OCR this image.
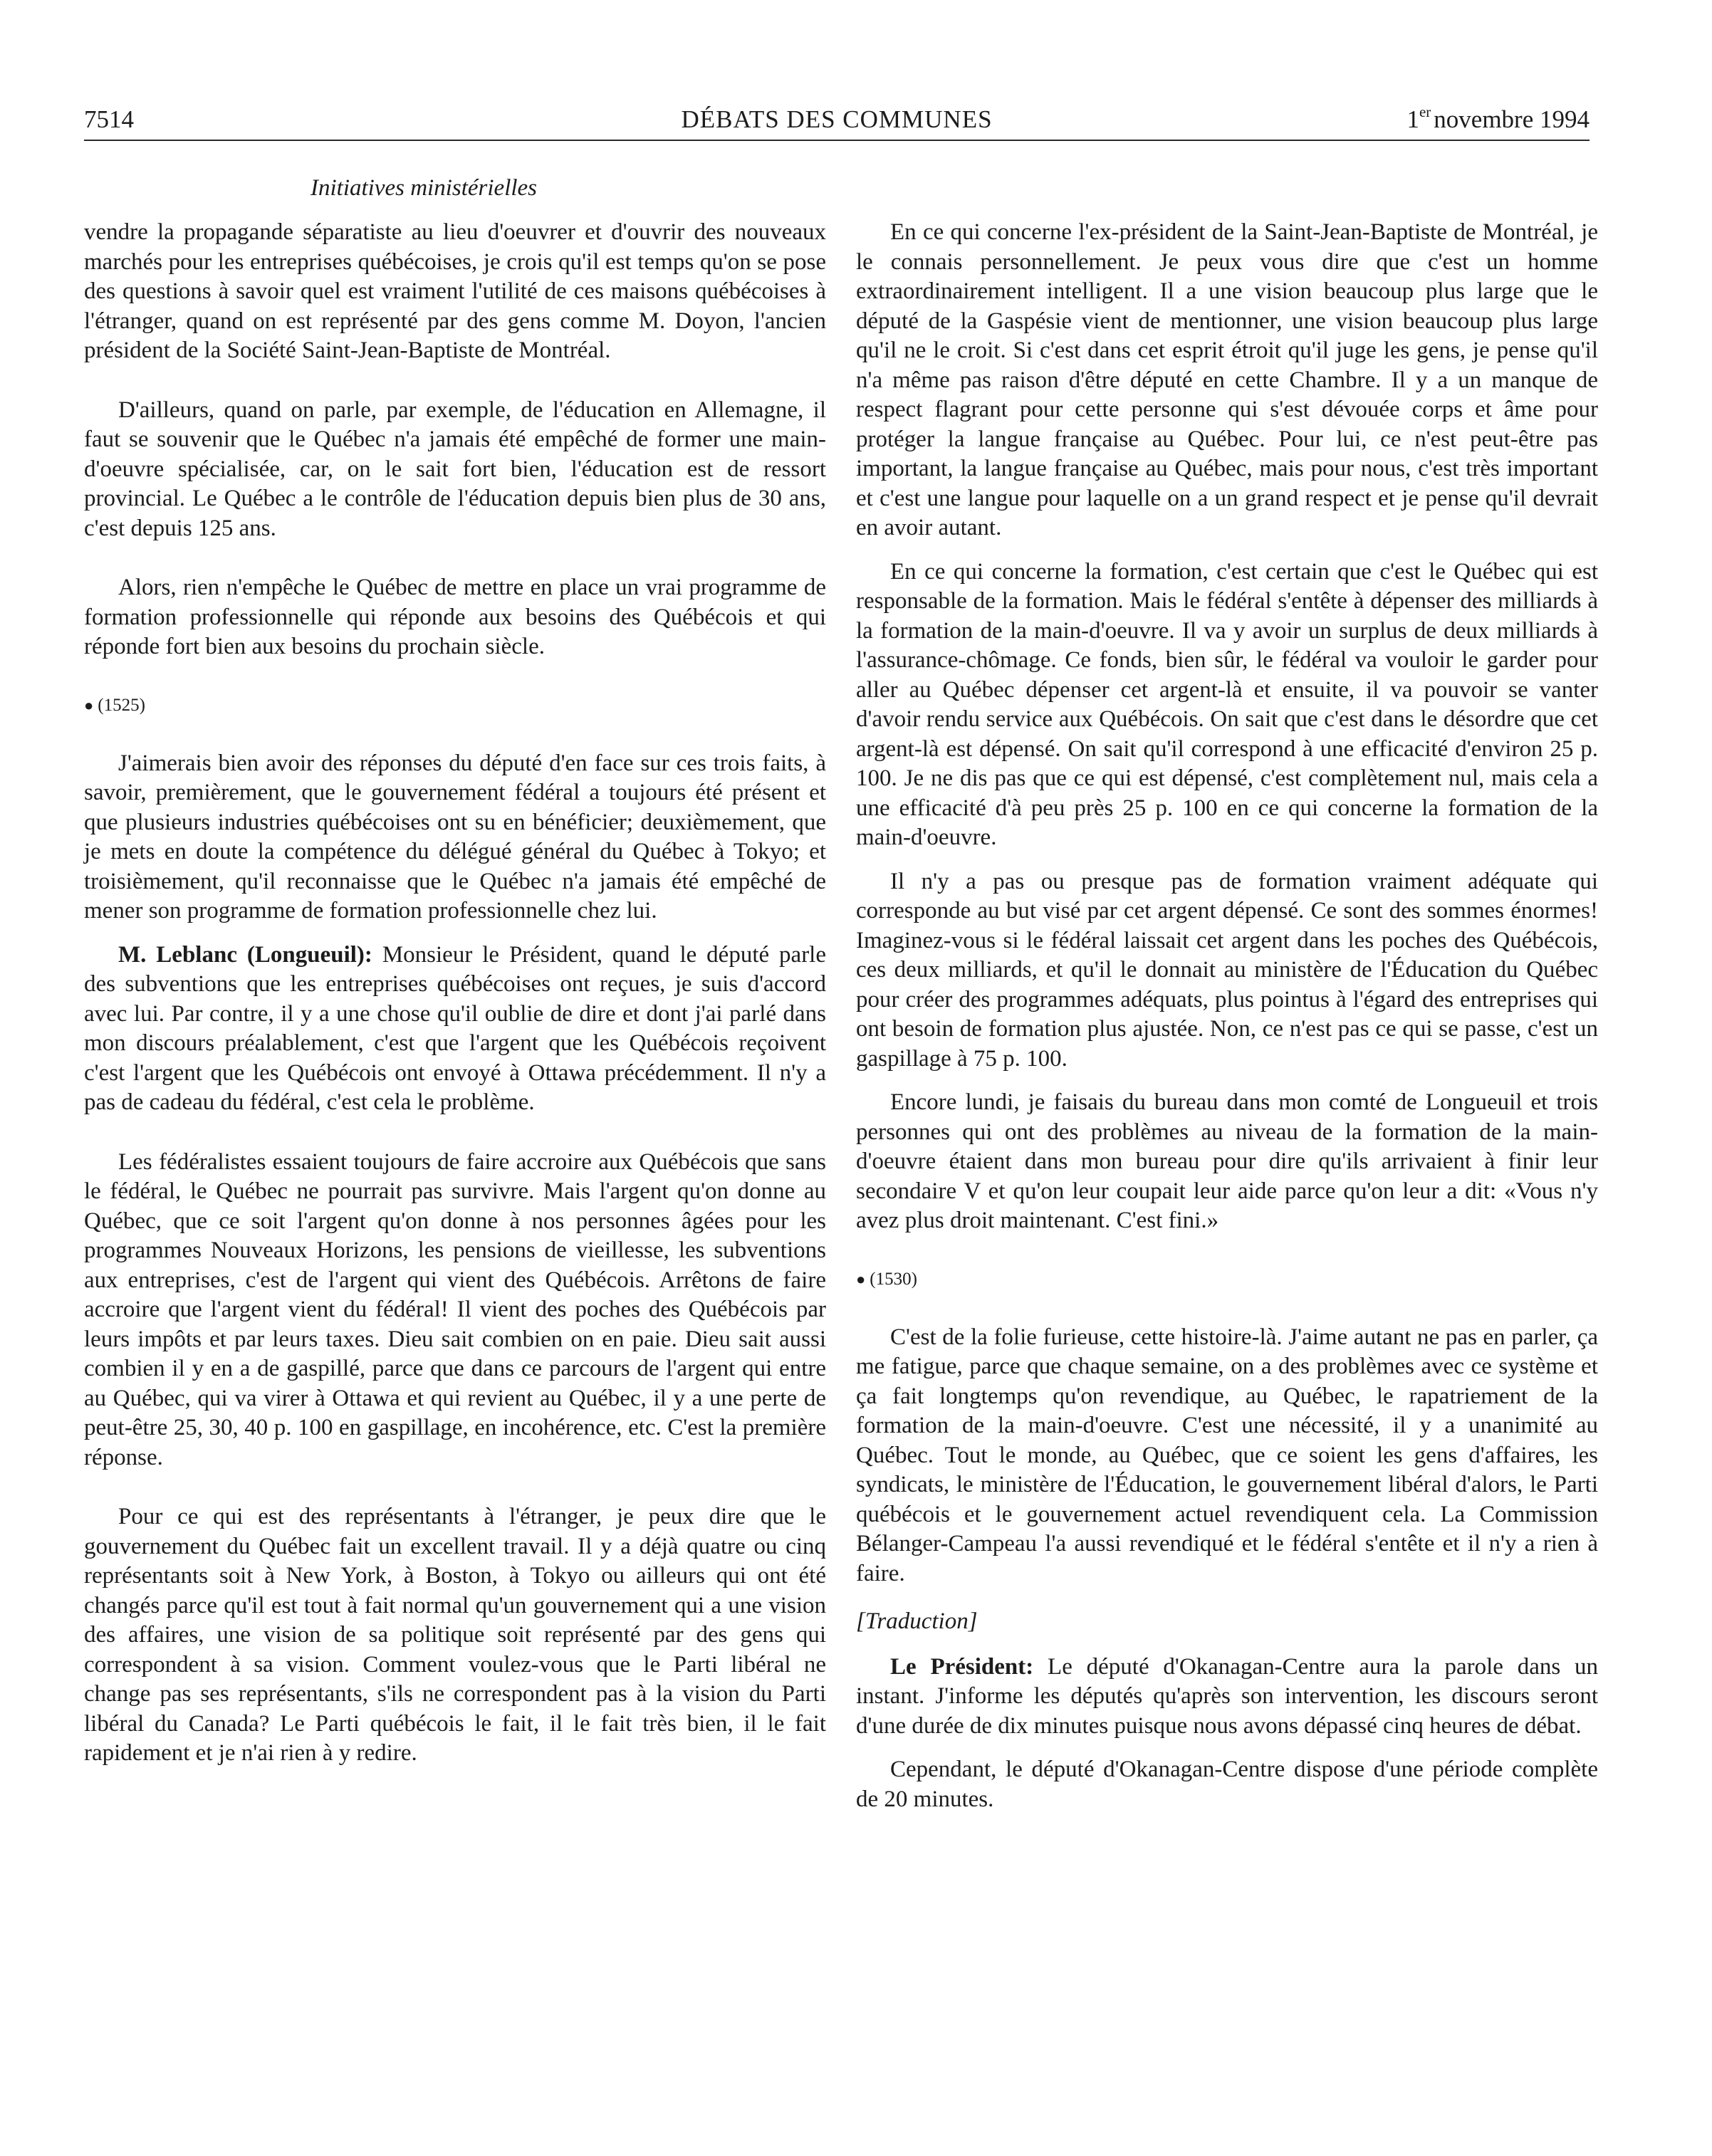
7514	DÉBATS DES COMMUNES	1er novembre 1994
Initiatives ministérielles

vendre la propagande séparatiste au lieu d'oeuvrer et d'ouvrir des nouveaux marchés pour les entreprises québécoises, je crois qu'il est temps qu'on se pose des questions à savoir quel est vraiment l'utilité de ces maisons québécoises à l'étranger, quand on est représenté par des gens comme M. Doyon, l'ancien président de la Société Saint-Jean-Baptiste de Montréal.

D'ailleurs, quand on parle, par exemple, de l'éducation en Allemagne, il faut se souvenir que le Québec n'a jamais été empêché de former une main-d'oeuvre spécialisée, car, on le sait fort bien, l'éducation est de ressort provincial. Le Québec a le contrôle de l'éducation depuis bien plus de 30 ans, c'est depuis 125 ans.

Alors, rien n'empêche le Québec de mettre en place un vrai programme de formation professionnelle qui réponde aux besoins des Québécois et qui réponde fort bien aux besoins du prochain siècle.

● (1525)

J'aimerais bien avoir des réponses du député d'en face sur ces trois faits, à savoir, premièrement, que le gouvernement fédéral a toujours été présent et que plusieurs industries québécoises ont su en bénéficier; deuxièmement, que je mets en doute la compétence du délégué général du Québec à Tokyo; et troisièmement, qu'il reconnaisse que le Québec n'a jamais été empêché de mener son programme de formation professionnelle chez lui.

M. Leblanc (Longueuil): Monsieur le Président, quand le député parle des subventions que les entreprises québécoises ont reçues, je suis d'accord avec lui. Par contre, il y a une chose qu'il oublie de dire et dont j'ai parlé dans mon discours préalablement, c'est que l'argent que les Québécois reçoivent c'est l'argent que les Québécois ont envoyé à Ottawa précédemment. Il n'y a pas de cadeau du fédéral, c'est cela le problème.

Les fédéralistes essaient toujours de faire accroire aux Québécois que sans le fédéral, le Québec ne pourrait pas survivre. Mais l'argent qu'on donne au Québec, que ce soit l'argent qu'on donne à nos personnes âgées pour les programmes Nouveaux Horizons, les pensions de vieillesse, les subventions aux entreprises, c'est de l'argent qui vient des Québécois. Arrêtons de faire accroire que l'argent vient du fédéral! Il vient des poches des Québécois par leurs impôts et par leurs taxes. Dieu sait combien on en paie. Dieu sait aussi combien il y en a de gaspillé, parce que dans ce parcours de l'argent qui entre au Québec, qui va virer à Ottawa et qui revient au Québec, il y a une perte de peut-être 25, 30, 40 p. 100 en gaspillage, en incohérence, etc. C'est la première réponse.

Pour ce qui est des représentants à l'étranger, je peux dire que le gouvernement du Québec fait un excellent travail. Il y a déjà quatre ou cinq représentants soit à New York, à Boston, à Tokyo ou ailleurs qui ont été changés parce qu'il est tout à fait normal qu'un gouvernement qui a une vision des affaires, une vision de sa politique soit représenté par des gens qui correspondent à sa vision. Comment voulez-vous que le Parti libéral ne change pas ses représentants, s'ils ne correspondent pas à la vision du Parti libéral du Canada? Le Parti québécois le fait, il le fait très bien, il le fait rapidement et je n'ai rien à y redire.

En ce qui concerne l'ex-président de la Saint-Jean-Baptiste de Montréal, je le connais personnellement. Je peux vous dire que c'est un homme extraordinairement intelligent. Il a une vision beaucoup plus large que le député de la Gaspésie vient de mentionner, une vision beaucoup plus large qu'il ne le croit. Si c'est dans cet esprit étroit qu'il juge les gens, je pense qu'il n'a même pas raison d'être député en cette Chambre. Il y a un manque de respect flagrant pour cette personne qui s'est dévouée corps et âme pour protéger la langue française au Québec. Pour lui, ce n'est peut-être pas important, la langue française au Québec, mais pour nous, c'est très important et c'est une langue pour laquelle on a un grand respect et je pense qu'il devrait en avoir autant.

En ce qui concerne la formation, c'est certain que c'est le Québec qui est responsable de la formation. Mais le fédéral s'entête à dépenser des milliards à la formation de la main-d'oeuvre. Il va y avoir un surplus de deux milliards à l'assurance-chômage. Ce fonds, bien sûr, le fédéral va vouloir le garder pour aller au Québec dépenser cet argent-là et ensuite, il va pouvoir se vanter d'avoir rendu service aux Québécois. On sait que c'est dans le désordre que cet argent-là est dépensé. On sait qu'il correspond à une efficacité d'environ 25 p. 100. Je ne dis pas que ce qui est dépensé, c'est complètement nul, mais cela a une efficacité d'à peu près 25 p. 100 en ce qui concerne la formation de la main-d'oeuvre.

Il n'y a pas ou presque pas de formation vraiment adéquate qui corresponde au but visé par cet argent dépensé. Ce sont des sommes énormes! Imaginez-vous si le fédéral laissait cet argent dans les poches des Québécois, ces deux milliards, et qu'il le donnait au ministère de l'Éducation du Québec pour créer des programmes adéquats, plus pointus à l'égard des entreprises qui ont besoin de formation plus ajustée. Non, ce n'est pas ce qui se passe, c'est un gaspillage à 75 p. 100.

Encore lundi, je faisais du bureau dans mon comté de Longueuil et trois personnes qui ont des problèmes au niveau de la formation de la main-d'oeuvre étaient dans mon bureau pour dire qu'ils arrivaient à finir leur secondaire V et qu'on leur coupait leur aide parce qu'on leur a dit: «Vous n'y avez plus droit maintenant. C'est fini.»

● (1530)

C'est de la folie furieuse, cette histoire-là. J'aime autant ne pas en parler, ça me fatigue, parce que chaque semaine, on a des problèmes avec ce système et ça fait longtemps qu'on revendique, au Québec, le rapatriement de la formation de la main-d'oeuvre. C'est une nécessité, il y a unanimité au Québec. Tout le monde, au Québec, que ce soient les gens d'affaires, les syndicats, le ministère de l'Éducation, le gouvernement libéral d'alors, le Parti québécois et le gouvernement actuel revendiquent cela. La Commission Bélanger-Campeau l'a aussi revendiqué et le fédéral s'entête et il n'y a rien à faire.

[Traduction]

Le Président: Le député d'Okanagan-Centre aura la parole dans un instant. J'informe les députés qu'après son intervention, les discours seront d'une durée de dix minutes puisque nous avons dépassé cinq heures de débat.

Cependant, le député d'Okanagan-Centre dispose d'une période complète de 20 minutes.
